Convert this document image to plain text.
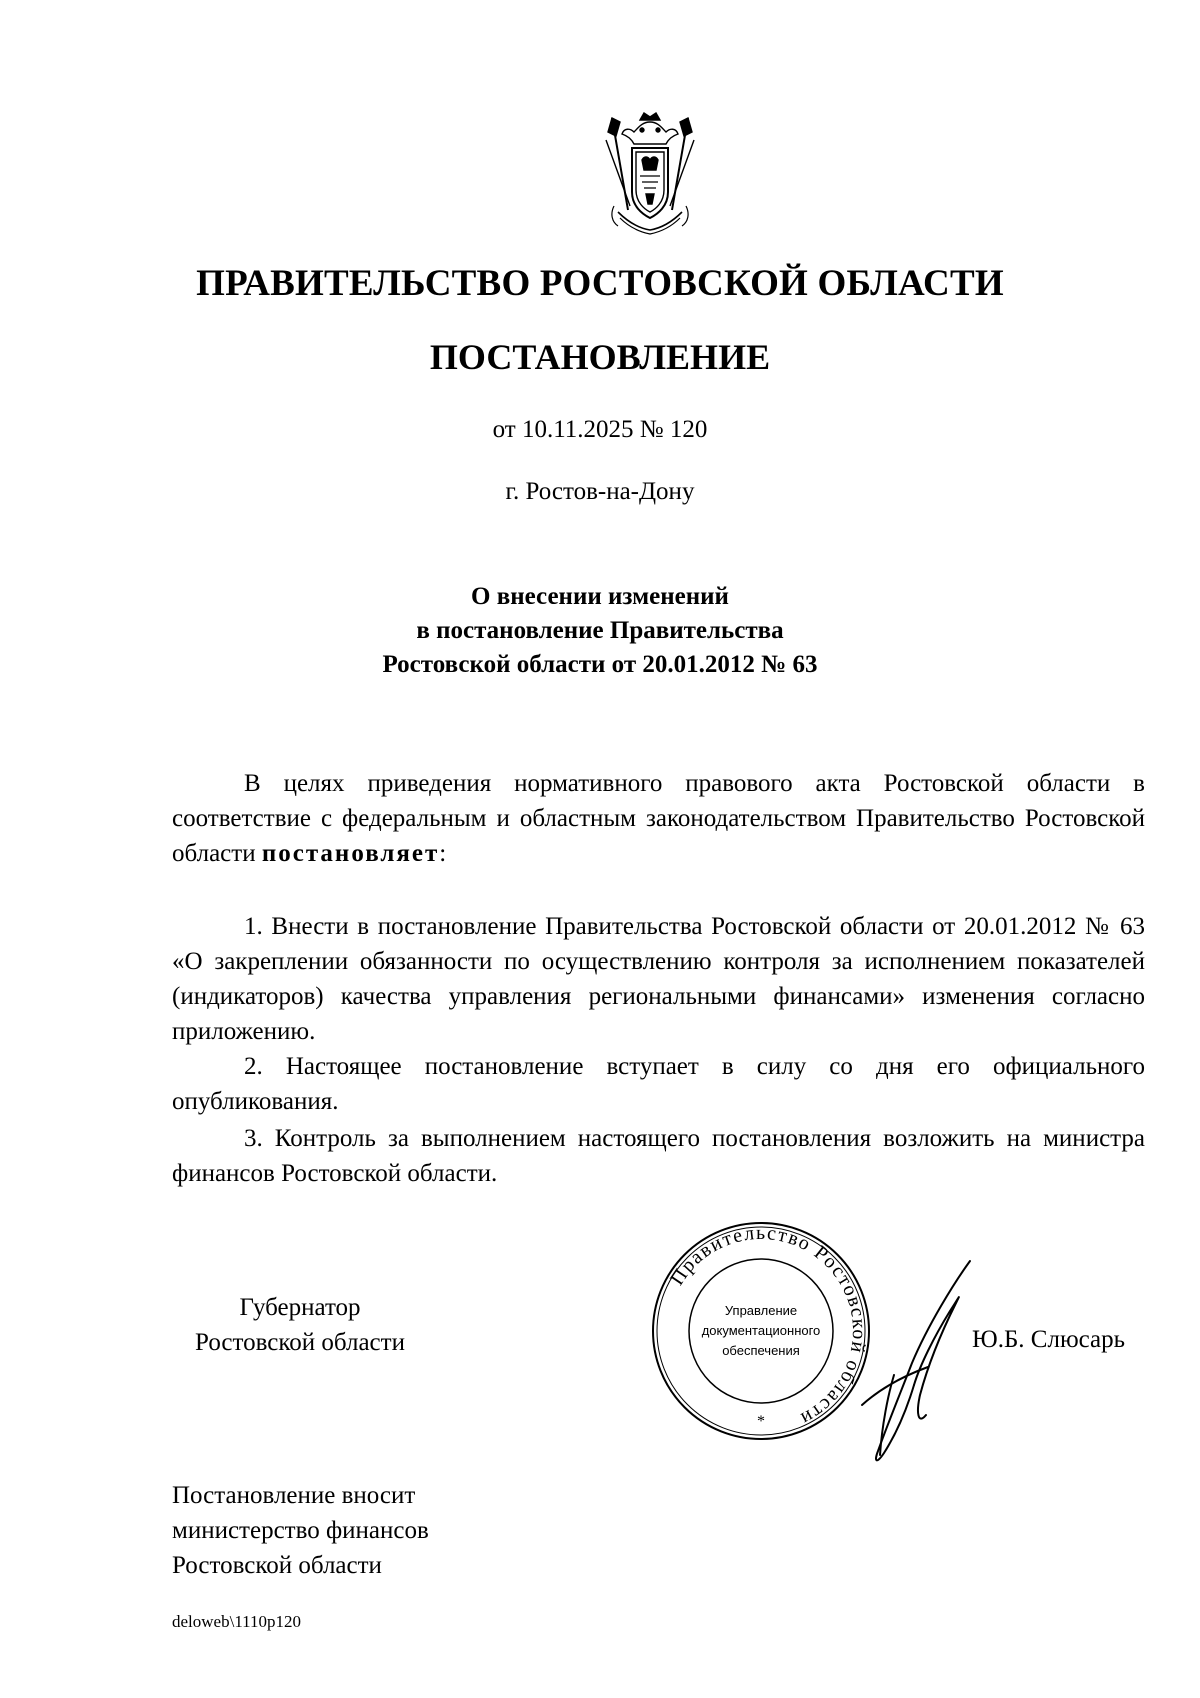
ПРАВИТЕЛЬСТВО РОСТОВСКОЙ ОБЛАСТИ
ПОСТАНОВЛЕНИЕ
от 10.11.2025 № 120
г. Ростов-на-Дону
О внесении изменений
в постановление Правительства
Ростовской области от 20.01.2012 № 63
В целях приведения нормативного правового акта Ростовской области в соответствие с федеральным и областным законодательством Правительство Ростовской области постановляет:
1. Внести в постановление Правительства Ростовской области от 20.01.2012 № 63 «О закреплении обязанности по осуществлению контроля за исполнением показателей (индикаторов) качества управления региональными финансами» изменения согласно приложению.
2. Настоящее постановление вступает в силу со дня его официального опубликования.
3. Контроль за выполнением настоящего постановления возложить на министра финансов Ростовской области.
Губернатор
Ростовской области
Правительство Ростовской области
Управление
документационного
обеспечения
*
Ю.Б. Слюсарь
Постановление вносит
министерство финансов
Ростовской области
deloweb\1110p120
